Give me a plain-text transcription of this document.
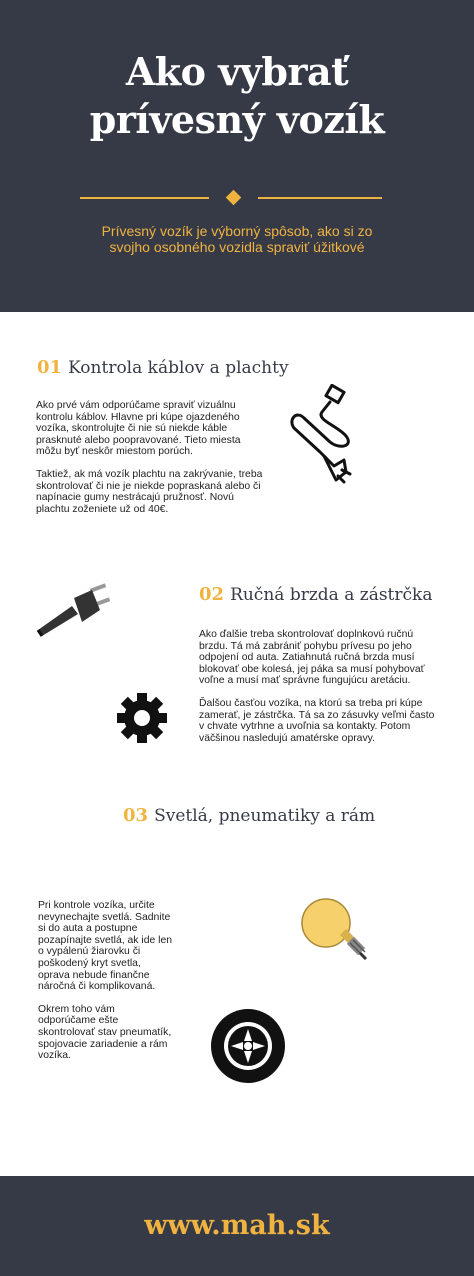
Ako vybrať
prívesný vozík
Prívesný vozík je výborný spôsob, ako si zo
svojho osobného vozidla spraviť úžitkové
01 Kontrola káblov a plachty

Ako prvé vám odporúčame spraviť vizuálnu kontrolu káblov. Hlavne pri kúpe ojazdeného vozíka, skontrolujte či nie sú niekde káble prasknuté alebo poopravované. Tieto miesta môžu byť neskôr miestom porúch.

Taktiež, ak má vozík plachtu na zakrývanie, treba skontrolovať či nie je niekde popraskaná alebo či napínacie gumy nestrácajú pružnosť. Novú plachtu zoženiete už od 40€.

02 Ručná brzda a zástrčka

Ako ďalšie treba skontrolovať doplnkovú ručnú brzdu. Tá má zabrániť pohybu prívesu po jeho odpojení od auta. Zatiahnutá ručná brzda musí blokovať obe kolesá, jej páka sa musí pohybovať voľne a musí mať správne fungujúcu aretáciu.

Ďalšou časťou vozíka, na ktorú sa treba pri kúpe zamerať, je zástrčka. Tá sa zo zásuvky veľmi často v chvate vytrhne a uvoľnia sa kontakty. Potom väčšinou nasledujú amatérske opravy.

03 Svetlá, pneumatiky a rám

Pri kontrole vozíka, určite nevynechajte svetlá. Sadnite si do auta a postupne pozapínajte svetlá, ak ide len o vypálenú žiarovku či poškodený kryt svetla, oprava nebude finančne náročná či komplikovaná.

Okrem toho vám odporúčame ešte skontrolovať stav pneumatík, spojovacie zariadenie a rám vozíka.

www.mah.sk
